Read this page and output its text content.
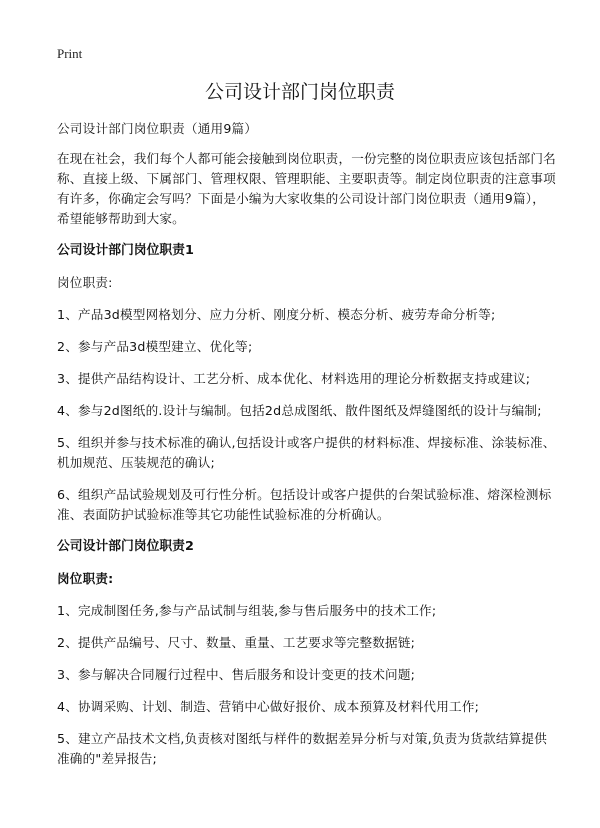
Print
公司设计部门岗位职责

公司设计部门岗位职责（通用9篇）

在现在社会，我们每个人都可能会接触到岗位职责，一份完整的岗位职责应该包括部门名称、直接上级、下属部门、管理权限、管理职能、主要职责等。制定岗位职责的注意事项有许多，你确定会写吗？下面是小编为大家收集的公司设计部门岗位职责（通用9篇），希望能够帮助到大家。

公司设计部门岗位职责1

岗位职责:

1、产品3d模型网格划分、应力分析、刚度分析、模态分析、疲劳寿命分析等;

2、参与产品3d模型建立、优化等;

3、提供产品结构设计、工艺分析、成本优化、材料选用的理论分析数据支持或建议;

4、参与2d图纸的.设计与编制。包括2d总成图纸、散件图纸及焊缝图纸的设计与编制;

5、组织并参与技术标准的确认,包括设计或客户提供的材料标准、焊接标准、涂装标准、机加规范、压装规范的确认;

6、组织产品试验规划及可行性分析。包括设计或客户提供的台架试验标准、熔深检测标准、表面防护试验标准等其它功能性试验标准的分析确认。

公司设计部门岗位职责2

岗位职责:

1、完成制图任务,参与产品试制与组装,参与售后服务中的技术工作;

2、提供产品编号、尺寸、数量、重量、工艺要求等完整数据链;

3、参与解决合同履行过程中、售后服务和设计变更的技术问题;

4、协调采购、计划、制造、营销中心做好报价、成本预算及材料代用工作;

5、建立产品技术文档,负责核对图纸与样件的数据差异分析与对策,负责为货款结算提供准确的"差异报告;
